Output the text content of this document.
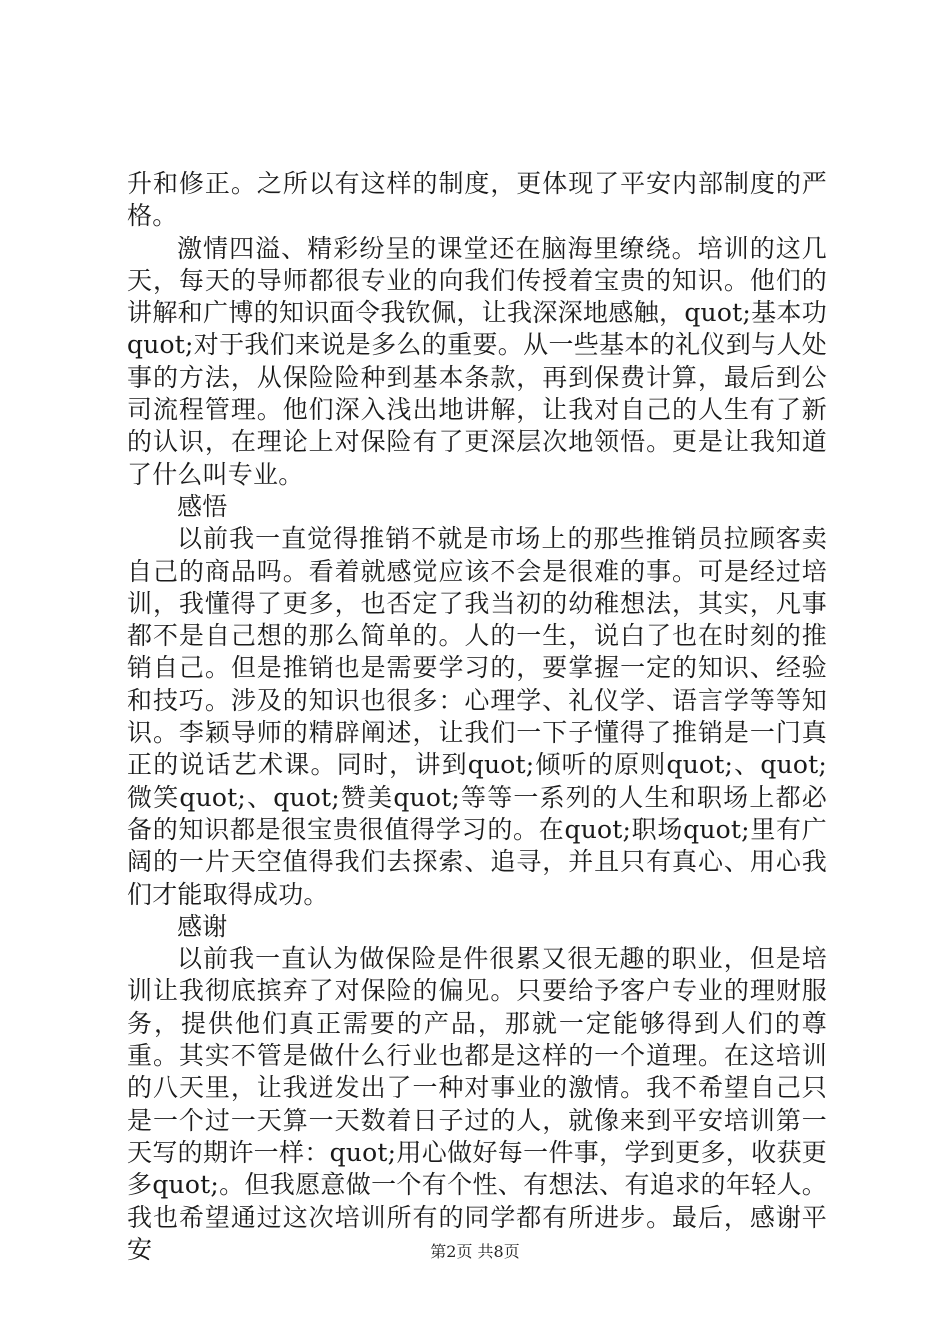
升和修正。之所以有这样的制度，更体现了平安内部制度的严格。

激情四溢、精彩纷呈的课堂还在脑海里缭绕。培训的这几天，每天的导师都很专业的向我们传授着宝贵的知识。他们的讲解和广博的知识面令我钦佩，让我深深地感触，quot;基本功quot;对于我们来说是多么的重要。从一些基本的礼仪到与人处事的方法，从保险险种到基本条款，再到保费计算，最后到公司流程管理。他们深入浅出地讲解，让我对自己的人生有了新的认识，在理论上对保险有了更深层次地领悟。更是让我知道了什么叫专业。

感悟

以前我一直觉得推销不就是市场上的那些推销员拉顾客卖自己的商品吗。看着就感觉应该不会是很难的事。可是经过培训，我懂得了更多，也否定了我当初的幼稚想法，其实，凡事都不是自己想的那么简单的。人的一生，说白了也在时刻的推销自己。但是推销也是需要学习的，要掌握一定的知识、经验和技巧。涉及的知识也很多：心理学、礼仪学、语言学等等知识。李颖导师的精辟阐述，让我们一下子懂得了推销是一门真正的说话艺术课。同时，讲到quot;倾听的原则quot;、quot;微笑quot;、quot;赞美quot;等等一系列的人生和职场上都必备的知识都是很宝贵很值得学习的。在quot;职场quot;里有广阔的一片天空值得我们去探索、追寻，并且只有真心、用心我们才能取得成功。

感谢

以前我一直认为做保险是件很累又很无趣的职业，但是培训让我彻底摈弃了对保险的偏见。只要给予客户专业的理财服务，提供他们真正需要的产品，那就一定能够得到人们的尊重。其实不管是做什么行业也都是这样的一个道理。在这培训的八天里，让我迸发出了一种对事业的激情。我不希望自己只是一个过一天算一天数着日子过的人，就像来到平安培训第一天写的期许一样：quot;用心做好每一件事，学到更多，收获更多quot;。但我愿意做一个有个性、有想法、有追求的年轻人。我也希望通过这次培训所有的同学都有所进步。最后，感谢平安	第2页 共8页
